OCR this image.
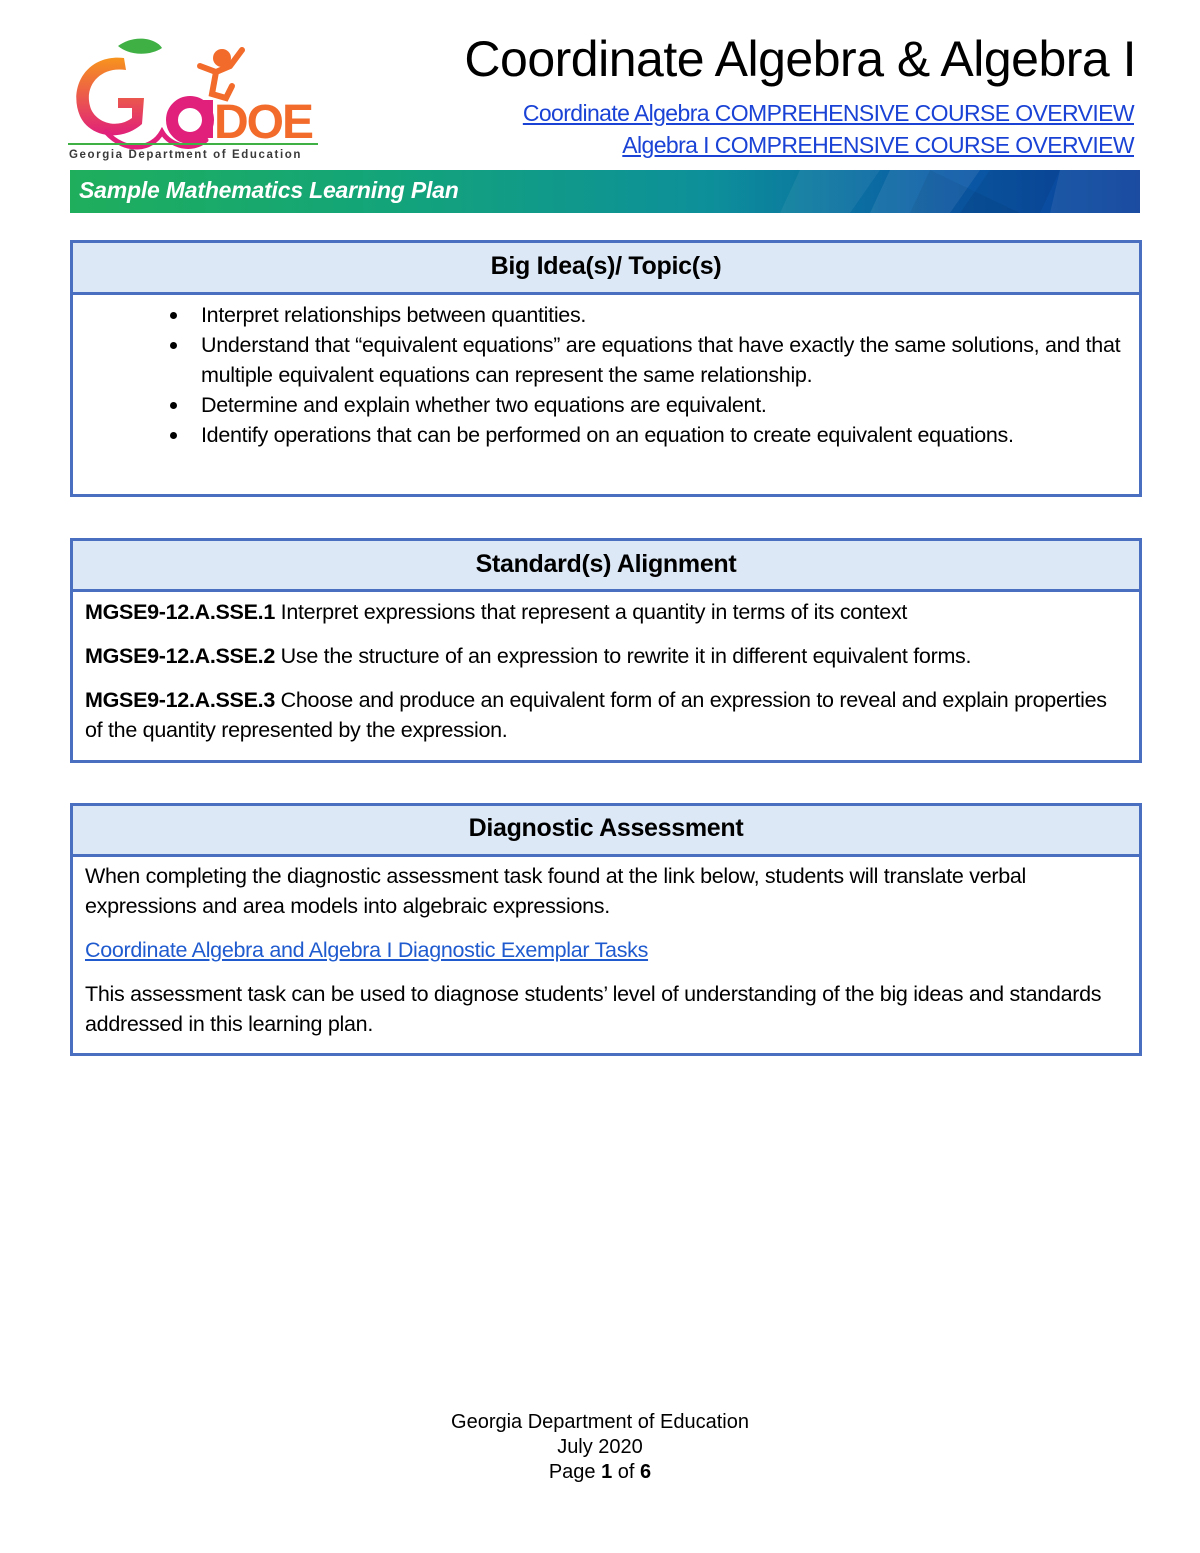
DOE
Georgia Department of Education
Coordinate Algebra & Algebra I
Coordinate Algebra COMPREHENSIVE COURSE OVERVIEW
Algebra I COMPREHENSIVE COURSE OVERVIEW
Sample Mathematics Learning Plan
Big Idea(s)/ Topic(s)
Interpret relationships between quantities.
Understand that “equivalent equations” are equations that have exactly the same solutions, and that multiple equivalent equations can represent the same relationship.
Determine and explain whether two equations are equivalent.
Identify operations that can be performed on an equation to create equivalent equations.
Standard(s) Alignment

MGSE9-12.A.SSE.1 Interpret expressions that represent a quantity in terms of its context

MGSE9-12.A.SSE.2 Use the structure of an expression to rewrite it in different equivalent forms.

MGSE9-12.A.SSE.3 Choose and produce an equivalent form of an expression to reveal and explain properties of the quantity represented by the expression.

Diagnostic Assessment

When completing the diagnostic assessment task found at the link below, students will translate verbal expressions and area models into algebraic expressions.

Coordinate Algebra and Algebra I Diagnostic Exemplar Tasks

This assessment task can be used to diagnose students’ level of understanding of the big ideas and standards addressed in this learning plan.

Georgia Department of Education
July 2020
Page 1 of 6
